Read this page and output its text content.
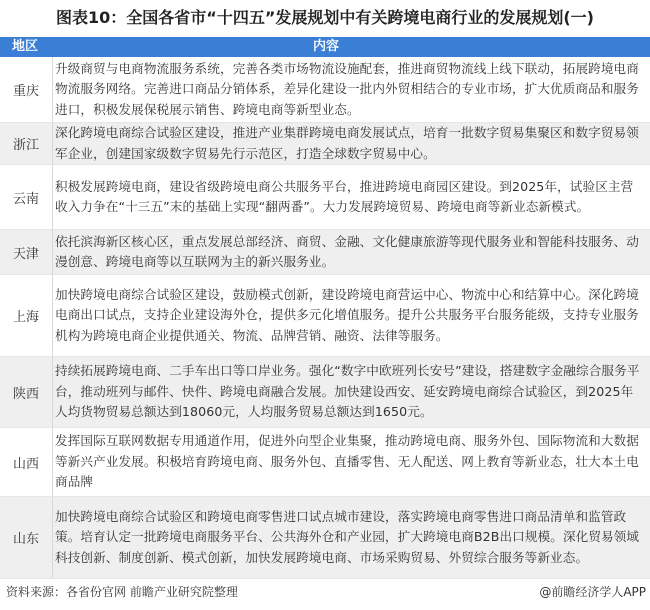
图表10：全国各省市“十四五”发展规划中有关跨境电商行业的发展规划(一)
地区	内容
重庆
升级商贸与电商物流服务系统，完善各类市场物流设施配套，推进商贸物流线上线下联动，拓展跨境电商物流服务网络。完善进口商品分销体系，差异化建设一批内外贸相结合的专业市场，扩大优质商品和服务进口，积极发展保税展示销售、跨境电商等新型业态。
浙江
深化跨境电商综合试验区建设，推进产业集群跨境电商发展试点，培育一批数字贸易集聚区和数字贸易领军企业，创建国家级数字贸易先行示范区，打造全球数字贸易中心。
云南
积极发展跨境电商，建设省级跨境电商公共服务平台，推进跨境电商园区建设。到2025年，试验区主营收入力争在“十三五”末的基础上实现“翻两番”。大力发展跨境贸易、跨境电商等新业态新模式。
天津
依托滨海新区核心区，重点发展总部经济、商贸、金融、文化健康旅游等现代服务业和智能科技服务、动漫创意、跨境电商等以互联网为主的新兴服务业。
上海
加快跨境电商综合试验区建设，鼓励模式创新，建设跨境电商营运中心、物流中心和结算中心。深化跨境电商出口试点，支持企业建设海外仓，提供多元化增值服务。提升公共服务平台服务能级，支持专业服务机构为跨境电商企业提供通关、物流、品牌营销、融资、法律等服务。
陕西
持续拓展跨境电商、二手车出口等口岸业务。强化“数字中欧班列长安号”建设，搭建数字金融综合服务平台，推动班列与邮件、快件、跨境电商融合发展。加快建设西安、延安跨境电商综合试验区，到2025年人均货物贸易总额达到18060元，人均服务贸易总额达到1650元。
山西
发挥国际互联网数据专用通道作用，促进外向型企业集聚，推动跨境电商、服务外包、国际物流和大数据等新兴产业发展。积极培育跨境电商、服务外包、直播零售、无人配送、网上教育等新业态，壮大本土电商品牌
山东
加快跨境电商综合试验区和跨境电商零售进口试点城市建设，落实跨境电商零售进口商品清单和监管政策。培育认定一批跨境电商服务平台、公共海外仓和产业园，扩大跨境电商B2B出口规模。深化贸易领域科技创新、制度创新、模式创新，加快发展跨境电商、市场采购贸易、外贸综合服务等新业态。
资料来源：各省份官网 前瞻产业研究院整理	@前瞻经济学人APP
